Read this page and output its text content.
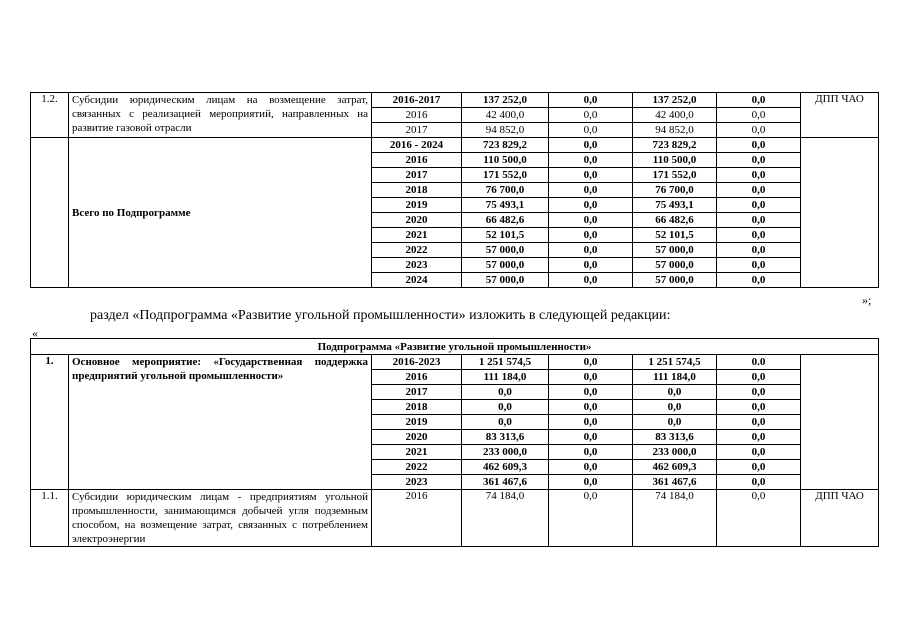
1.2.	Субсидии юридическим лицам на возмещение затрат, связанных с реализацией мероприятий, направленных на развитие газовой отрасли	2016-2017	137 252,0	0,0	137 252,0	0,0	ДПП ЧАО
		2016	42 400,0	0,0	42 400,0	0,0	
		2017	94 852,0	0,0	94 852,0	0,0	
	Всего по Подпрограмме	2016 - 2024	723 829,2	0,0	723 829,2	0,0	
		2016	110 500,0	0,0	110 500,0	0,0	
		2017	171 552,0	0,0	171 552,0	0,0	
		2018	76 700,0	0,0	76 700,0	0,0	
		2019	75 493,1	0,0	75 493,1	0,0	
		2020	66 482,6	0,0	66 482,6	0,0	
		2021	52 101,5	0,0	52 101,5	0,0	
		2022	57 000,0	0,0	57 000,0	0,0	
		2023	57 000,0	0,0	57 000,0	0,0	
		2024	57 000,0	0,0	57 000,0	0,0	
»;
раздел «Подпрограмма «Развитие угольной промышленности» изложить в следующей редакции:
«
Подпрограмма «Развитие угольной промышленности»							
1.	Основное мероприятие: «Государственная поддержка предприятий угольной промышленности»	2016-2023	1 251 574,5	0,0	1 251 574,5	0.0	
		2016	111 184,0	0,0	111 184,0	0,0	
		2017	0,0	0,0	0,0	0,0	
		2018	0,0	0,0	0,0	0,0	
		2019	0,0	0,0	0,0	0,0	
		2020	83 313,6	0,0	83 313,6	0,0	
		2021	233 000,0	0,0	233 000,0	0,0	
		2022	462 609,3	0,0	462 609,3	0,0	
		2023	361 467,6	0,0	361 467,6	0,0	
1.1.	Субсидии юридическим лицам - предприятиям угольной промышленности, занимающимся добычей угля подземным способом, на возмещение затрат, связанных с потреблением электроэнергии	2016	74 184,0	0,0	74 184,0	0,0	ДПП ЧАО
